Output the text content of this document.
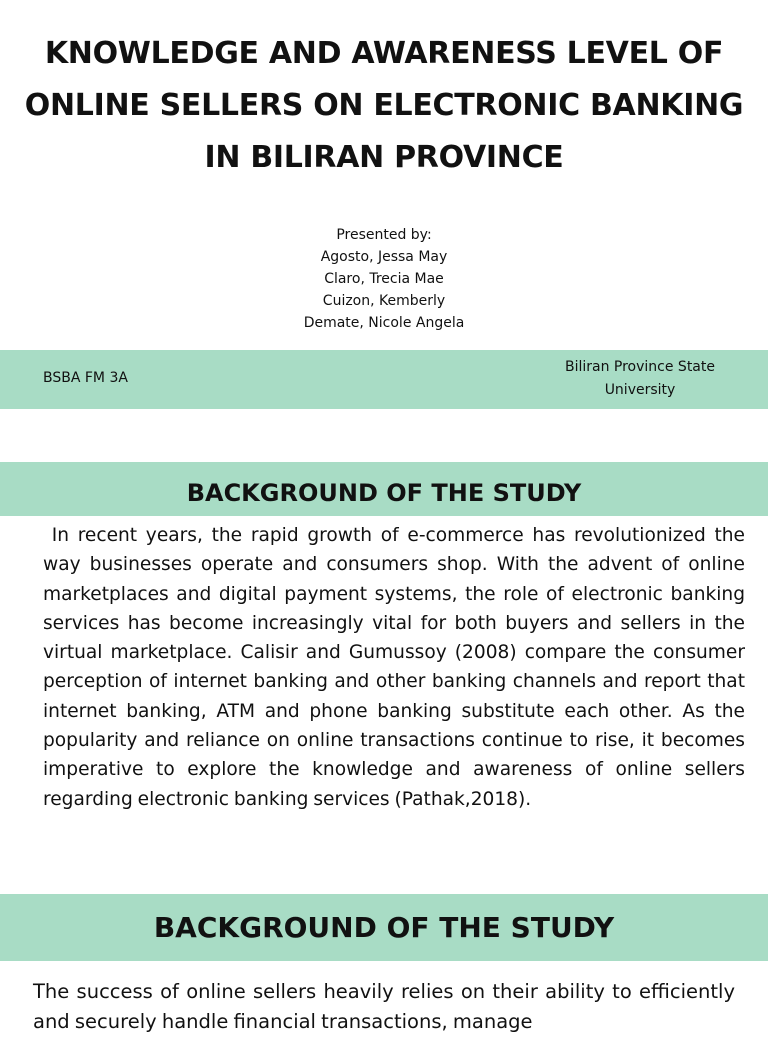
KNOWLEDGE AND AWARENESS LEVEL OF ONLINE SELLERS ON ELECTRONIC BANKING IN BILIRAN PROVINCE
Presented by:
Agosto, Jessa May
Claro, Trecia Mae
Cuizon, Kemberly
Demate, Nicole Angela
BSBA FM 3A
Biliran Province State University
BACKGROUND OF THE STUDY

In recent years, the rapid growth of e-commerce has revolutionized the way businesses operate and consumers shop. With the advent of online marketplaces and digital payment systems, the role of electronic banking services has become increasingly vital for both buyers and sellers in the virtual marketplace. Calisir and Gumussoy (2008) compare the consumer perception of internet banking and other banking channels and report that internet banking, ATM and phone banking substitute each other. As the popularity and reliance on online transactions continue to rise, it becomes imperative to explore the knowledge and awareness of online sellers regarding electronic banking services (Pathak,2018).

BACKGROUND OF THE STUDY

The success of online sellers heavily relies on their ability to efficiently and securely handle financial transactions, manage
